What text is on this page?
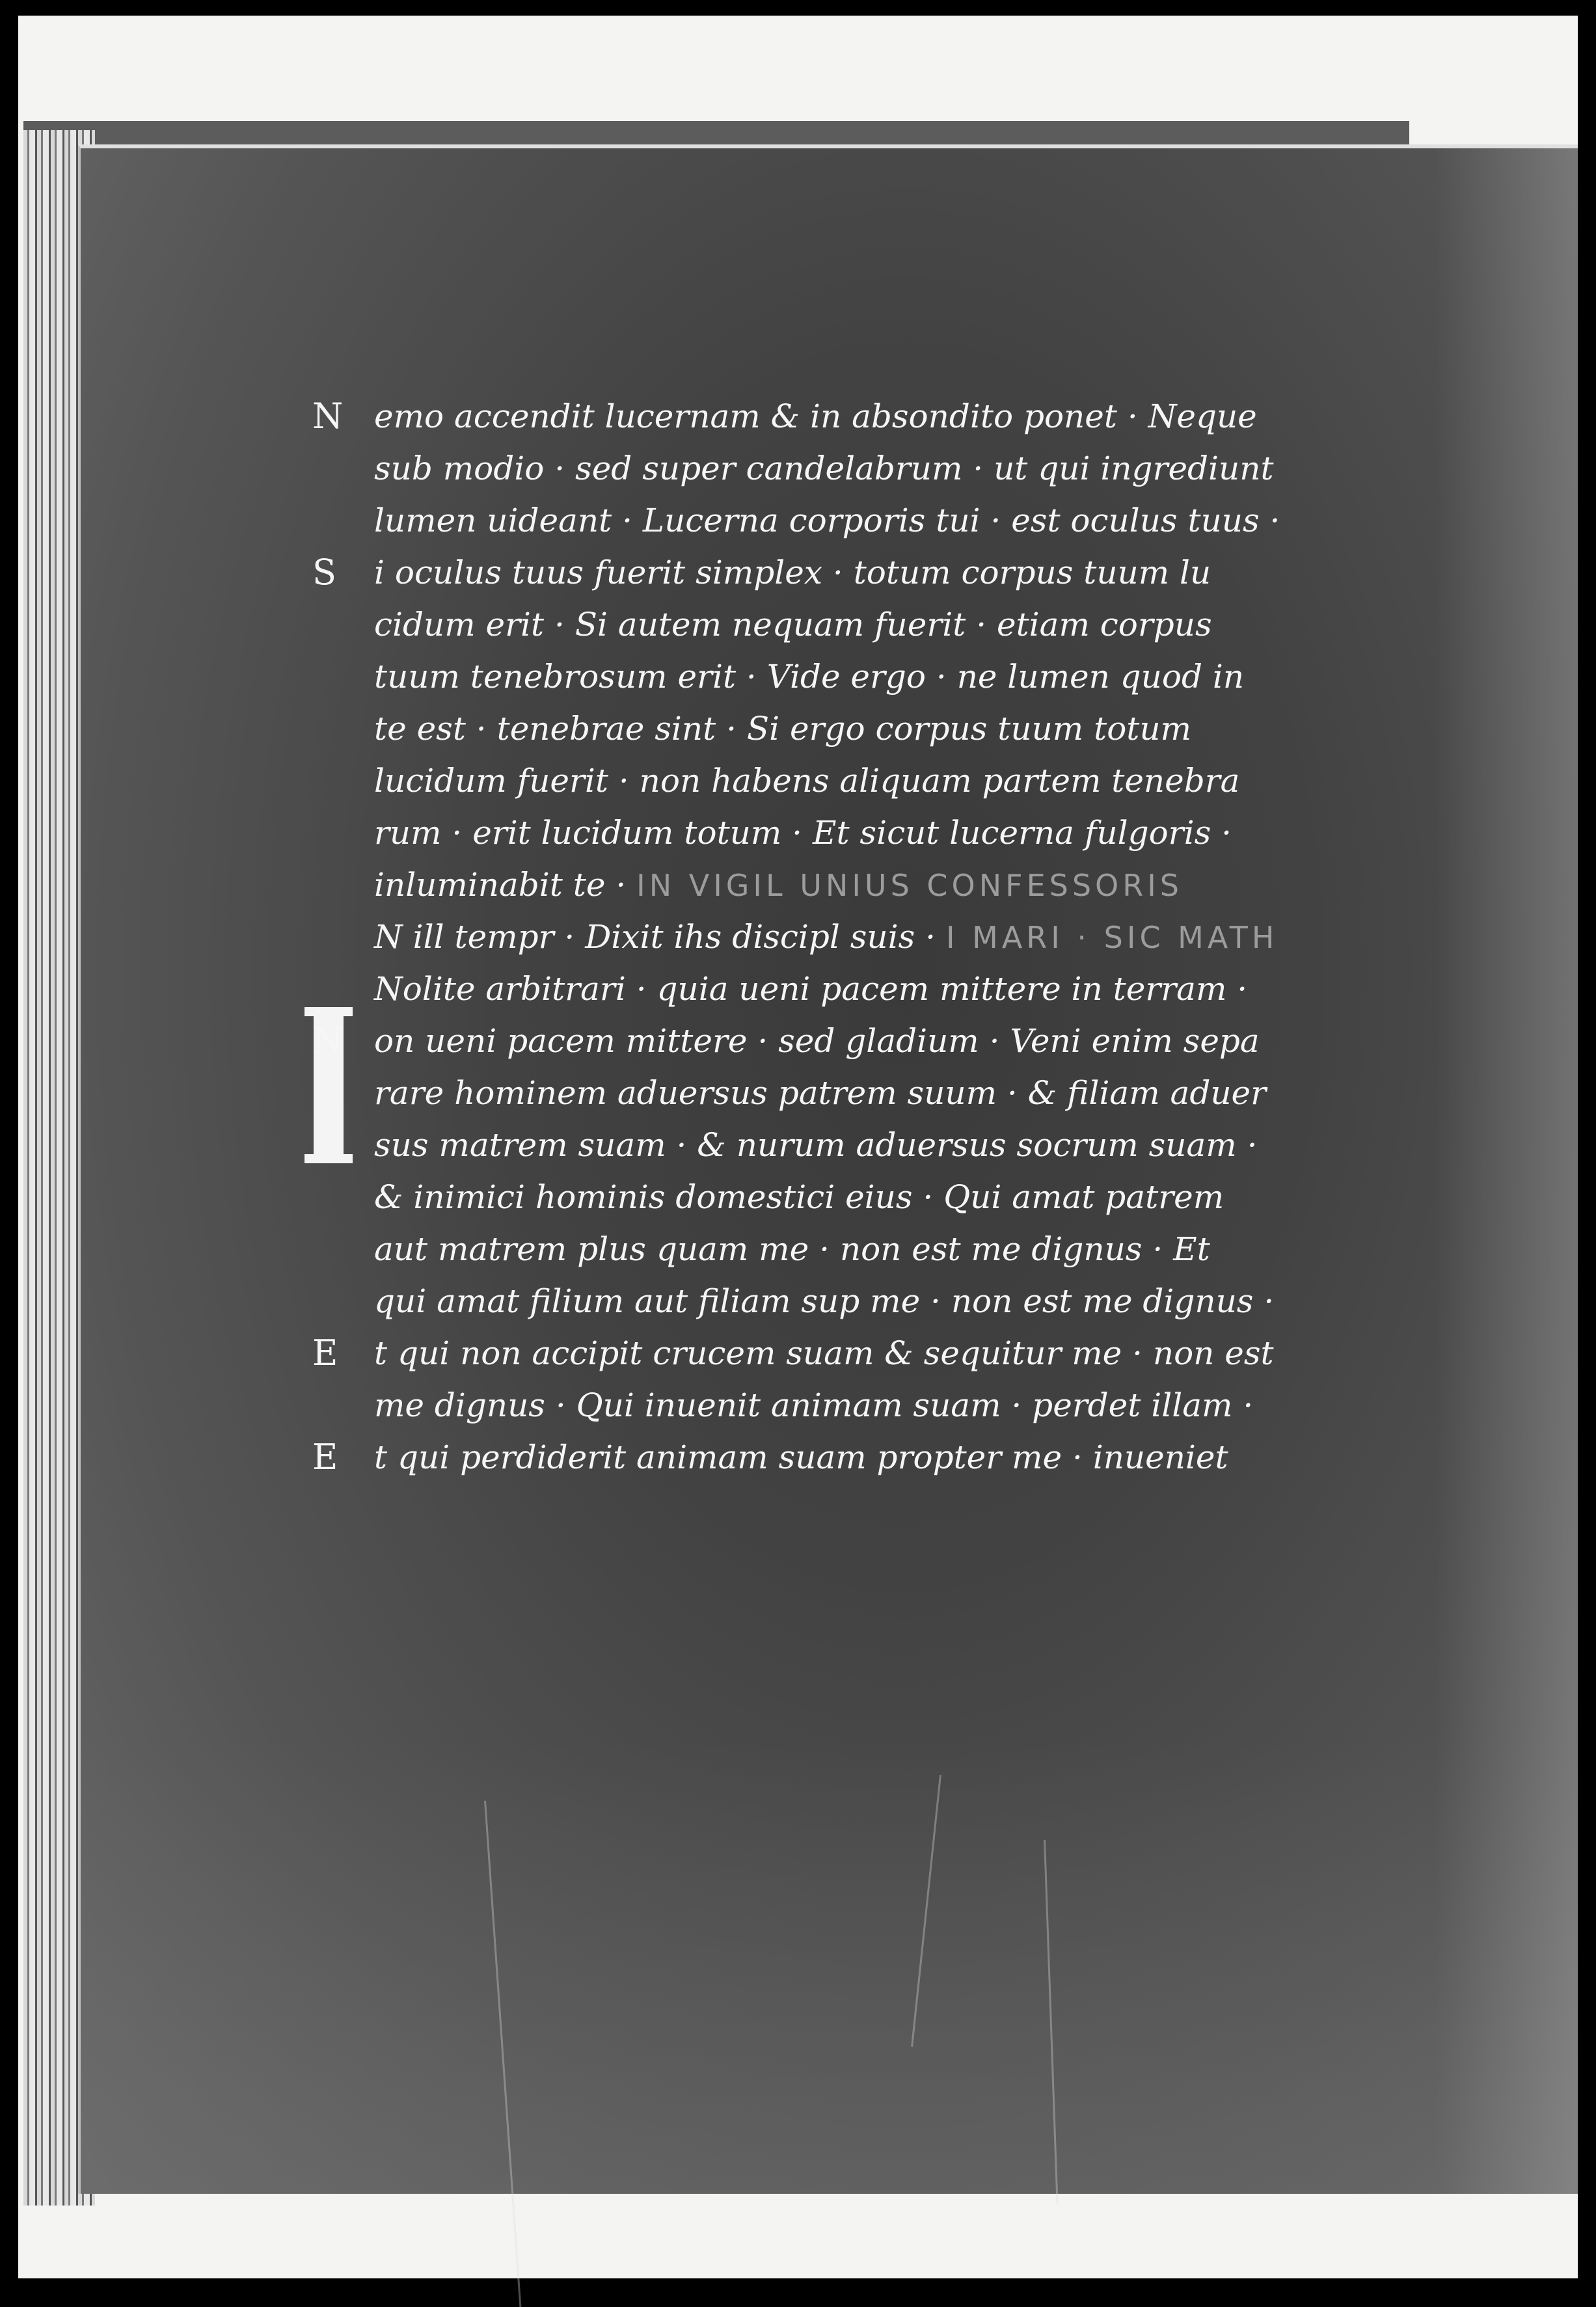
N emo accendit lucernam & in absondito ponet · Neque
sub modio · sed super candelabrum · ut qui ingrediunt
lumen uideant · Lucerna corporis tui · est oculus tuus ·
S i oculus tuus fuerit simplex · totum corpus tuum lu
cidum erit · Si autem nequam fuerit · etiam corpus
tuum tenebrosum erit · Vide ergo · ne lumen quod in
te est · tenebrae sint · Si ergo corpus tuum totum
lucidum fuerit · non habens aliquam partem tenebra
rum · erit lucidum totum · Et sicut lucerna fulgoris ·
inluminabit te · IN VIGIL UNIUS CONFESSORIS
N ill tempr · Dixit ihs discipl suis · I MARI · SIC MATH
Nolite arbitrari · quia ueni pacem mittere in terram ·
N on ueni pacem mittere · sed gladium · Veni enim sepa
rare hominem aduersus patrem suum · & filiam aduer
sus matrem suam · & nurum aduersus socrum suam ·
& inimici hominis domestici eius · Qui amat patrem
aut matrem plus quam me · non est me dignus · Et
qui amat filium aut filiam sup me · non est me dignus ·
E t qui non accipit crucem suam & sequitur me · non est
me dignus · Qui inuenit animam suam · perdet illam ·
E t qui perdiderit animam suam propter me · inueniet
